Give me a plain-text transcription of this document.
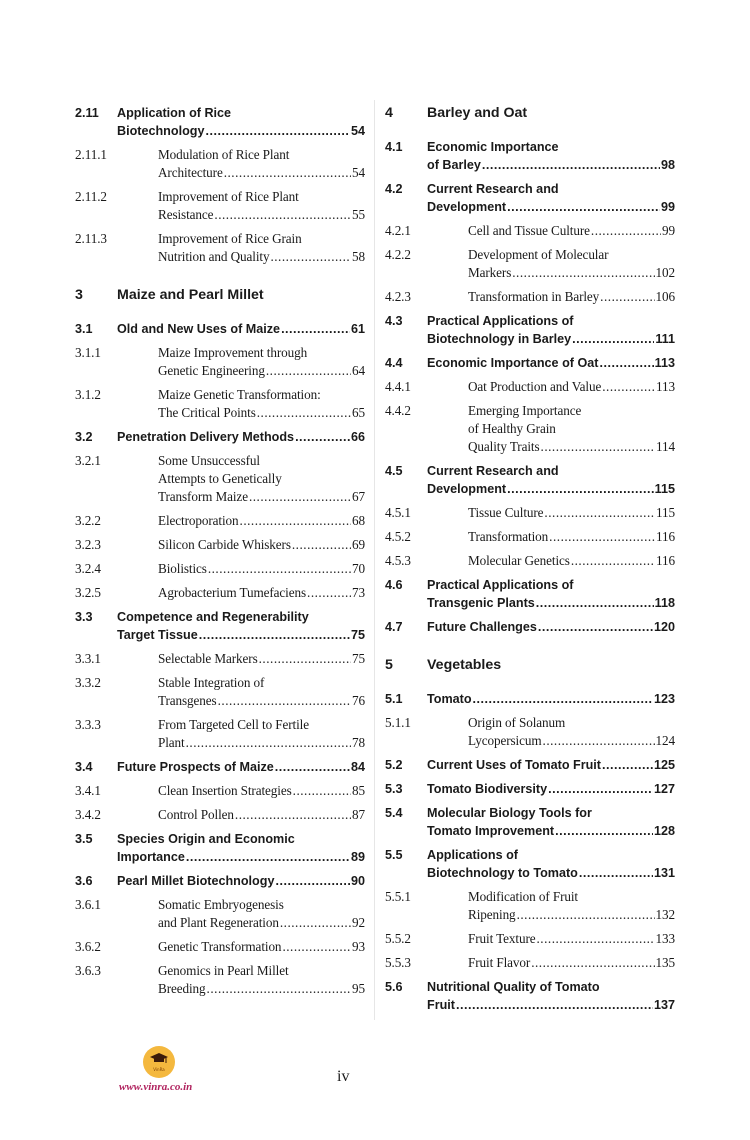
2.11 Application of Rice
Biotechnology .....	54
2.11.1	Modulation of Rice Plant
Architecture .....	54
2.11.2	Improvement of Rice Plant
Resistance .....	55
2.11.3	Improvement of Rice Grain
Nutrition and Quality .....	58
3 Maize and Pearl Millet
3.1 Old and New Uses of Maize .....	61
3.1.1	Maize Improvement through
Genetic Engineering .....	64
3.1.2	Maize Genetic Transformation:
The Critical Points .....	65
3.2 Penetration Delivery Methods .....	66
3.2.1	Some Unsuccessful
Attempts to Genetically
Transform Maize .....	67
3.2.2	Electroporation .....	68
3.2.3	Silicon Carbide Whiskers .....	69
3.2.4	Biolistics .....	70
3.2.5	Agrobacterium Tumefaciens .....	73
3.3 Competence and Regenerability
Target Tissue .....	75
3.3.1	Selectable Markers .....	75
3.3.2	Stable Integration of
Transgenes .....	76
3.3.3	From Targeted Cell to Fertile
Plant .....	78
3.4 Future Prospects of Maize .....	84
3.4.1	Clean Insertion Strategies .....	85
3.4.2	Control Pollen .....	87
3.5 Species Origin and Economic
Importance .....	89
3.6 Pearl Millet Biotechnology .....	90
3.6.1	Somatic Embryogenesis
and Plant Regeneration .....	92
3.6.2	Genetic Transformation .....	93
3.6.3	Genomics in Pearl Millet
Breeding .....	95
4 Barley and Oat
4.1 Economic Importance
of Barley .....	98
4.2 Current Research and
Development .....	99
4.2.1	Cell and Tissue Culture .....	99
4.2.2	Development of Molecular
Markers .....	102
4.2.3	Transformation in Barley .....	106
4.3 Practical Applications of
Biotechnology in Barley .....	111
4.4 Economic Importance of Oat .....	113
4.4.1	Oat Production and Value .....	113
4.4.2	Emerging Importance
of Healthy Grain
Quality Traits .....	114
4.5 Current Research and
Development .....	115
4.5.1	Tissue Culture .....	115
4.5.2	Transformation .....	116
4.5.3	Molecular Genetics .....	116
4.6 Practical Applications of
Transgenic Plants .....	118
4.7 Future Challenges .....	120
5 Vegetables
5.1 Tomato .....	123
5.1.1	Origin of Solanum
Lycopersicum .....	124
5.2 Current Uses of Tomato Fruit .....	125
5.3 Tomato Biodiversity .....	127
5.4 Molecular Biology Tools for
Tomato Improvement .....	128
5.5 Applications of
Biotechnology to Tomato .....	131
5.5.1	Modification of Fruit
Ripening .....	132
5.5.2	Fruit Texture .....	133
5.5.3	Fruit Flavor .....	135
5.6 Nutritional Quality of Tomato
Fruit .....	137
VinRa
www.vinra.co.in
iv
